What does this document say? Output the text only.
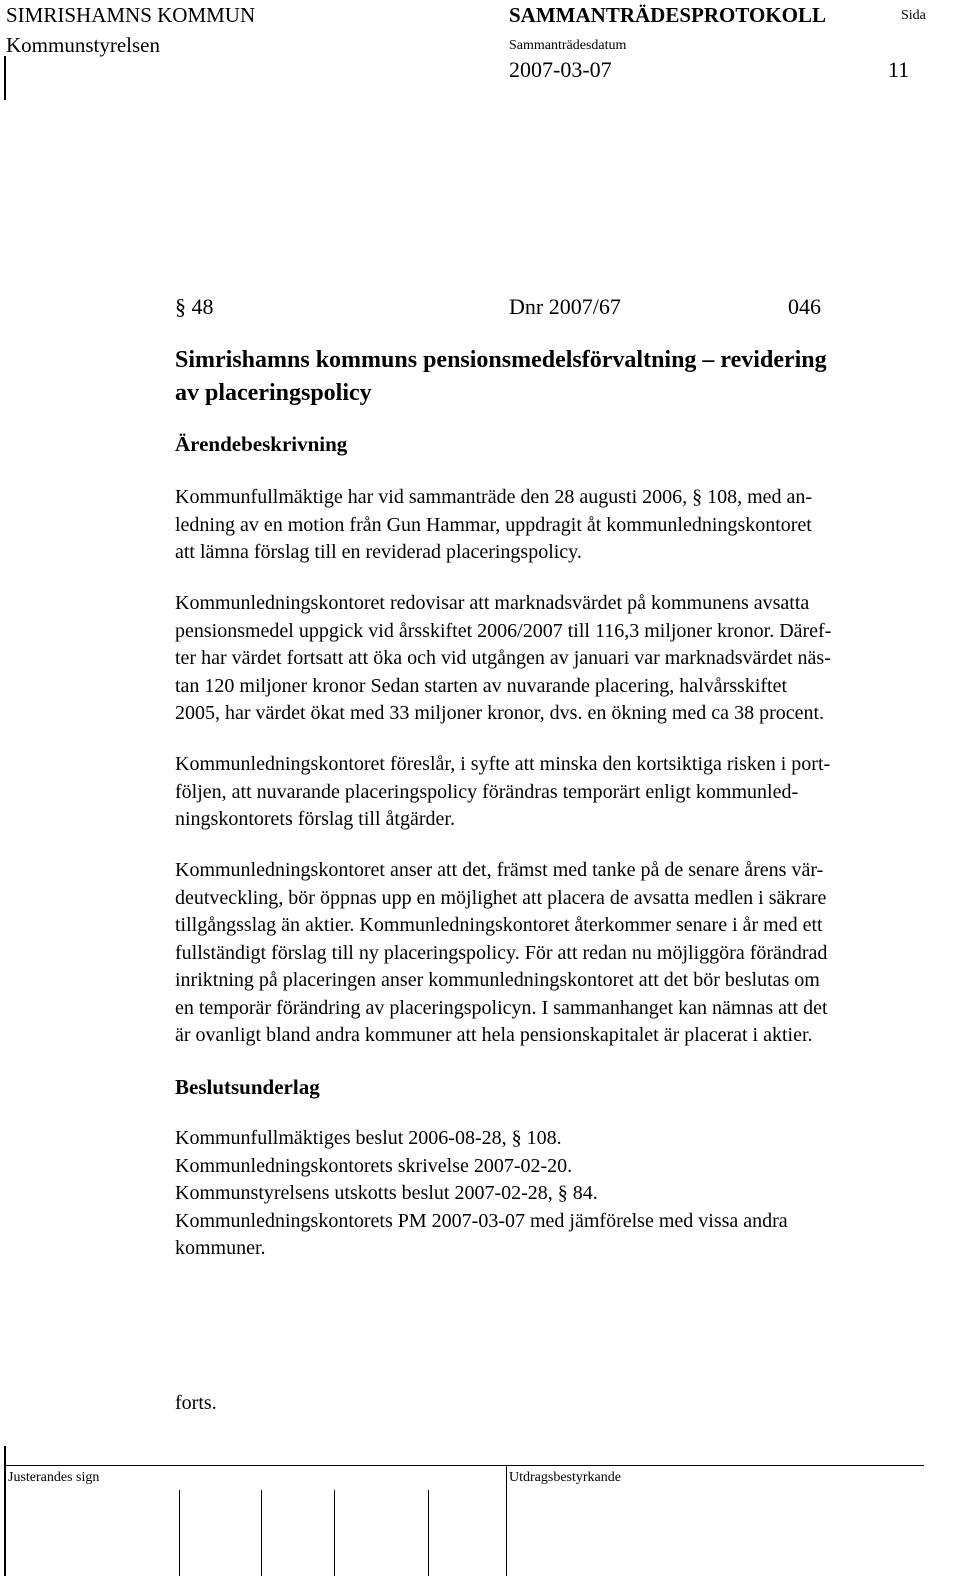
SIMRISHAMNS KOMMUN	SAMMANTRÄDESPROTOKOLL	Sida
Kommunstyrelsen	Sammanträdesdatum
2007-03-07	11
§ 48	Dnr 2007/67	046
Simrishamns kommuns pensionsmedelsförvaltning – revidering
av placeringspolicy
Ärendebeskrivning
Kommunfullmäktige har vid sammanträde den 28 augusti 2006, § 108, med an-
ledning av en motion från Gun Hammar, uppdragit åt kommunledningskontoret
att lämna förslag till en reviderad placeringspolicy.
Kommunledningskontoret redovisar att marknadsvärdet på kommunens avsatta
pensionsmedel uppgick vid årsskiftet 2006/2007 till 116,3 miljoner kronor. Däref-
ter har värdet fortsatt att öka och vid utgången av januari var marknadsvärdet näs-
tan 120 miljoner kronor Sedan starten av nuvarande placering, halvårsskiftet
2005, har värdet ökat med 33 miljoner kronor, dvs. en ökning med ca 38 procent.
Kommunledningskontoret föreslår, i syfte att minska den kortsiktiga risken i port-
följen, att nuvarande placeringspolicy förändras temporärt enligt kommunled-
ningskontorets förslag till åtgärder.
Kommunledningskontoret anser att det, främst med tanke på de senare årens vär-
deutveckling, bör öppnas upp en möjlighet att placera de avsatta medlen i säkrare
tillgångsslag än aktier. Kommunledningskontoret återkommer senare i år med ett
fullständigt förslag till ny placeringspolicy. För att redan nu möjliggöra förändrad
inriktning på placeringen anser kommunledningskontoret att det bör beslutas om
en temporär förändring av placeringspolicyn. I sammanhanget kan nämnas att det
är ovanligt bland andra kommuner att hela pensionskapitalet är placerat i aktier.
Beslutsunderlag
Kommunfullmäktiges beslut 2006-08-28, § 108.
Kommunledningskontorets skrivelse 2007-02-20.
Kommunstyrelsens utskotts beslut 2007-02-28, § 84.
Kommunledningskontorets PM 2007-03-07 med jämförelse med vissa andra
kommuner.
forts.
Justerandes sign	Utdragsbestyrkande
